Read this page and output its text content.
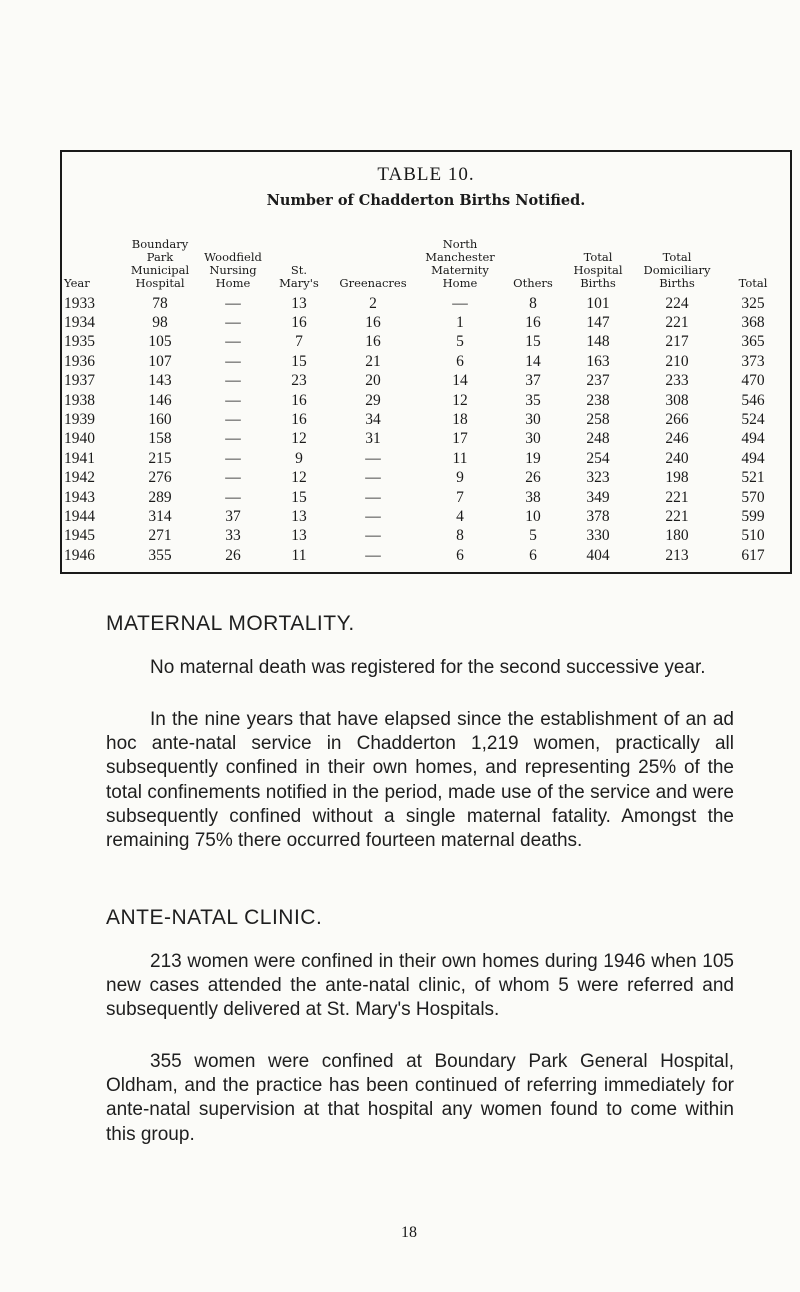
TABLE 10.
Number of Chadderton Births Notified.
Year	Boundary
Park
Municipal
Hospital	Woodfield
Nursing
Home	St.
Mary's	Greenacres	North
Manchester
Maternity
Home	Others	Total
Hospital
Births	Total
Domiciliary
Births	Total
1933	78	—	13	2	—	8	101	224	325
1934	98	—	16	16	1	16	147	221	368
1935	105	—	7	16	5	15	148	217	365
1936	107	—	15	21	6	14	163	210	373
1937	143	—	23	20	14	37	237	233	470
1938	146	—	16	29	12	35	238	308	546
1939	160	—	16	34	18	30	258	266	524
1940	158	—	12	31	17	30	248	246	494
1941	215	—	9	—	11	19	254	240	494
1942	276	—	12	—	9	26	323	198	521
1943	289	—	15	—	7	38	349	221	570
1944	314	37	13	—	4	10	378	221	599
1945	271	33	13	—	8	5	330	180	510
1946	355	26	11	—	6	6	404	213	617
MATERNAL MORTALITY.

No maternal death was registered for the second successive year.

In the nine years that have elapsed since the establishment of an ad hoc ante-natal service in Chadderton 1,219 women, practically all subsequently confined in their own homes, and representing 25% of the total confinements notified in the period, made use of the service and were subsequently confined without a single maternal fatality. Amongst the remaining 75% there occurred fourteen maternal deaths.

ANTE-NATAL CLINIC.

213 women were confined in their own homes during 1946 when 105 new cases attended the ante-natal clinic, of whom 5 were referred and subsequently delivered at St. Mary's Hospitals.

355 women were confined at Boundary Park General Hospital, Oldham, and the practice has been continued of referring immediately for ante-natal supervision at that hospital any women found to come within this group.

18
